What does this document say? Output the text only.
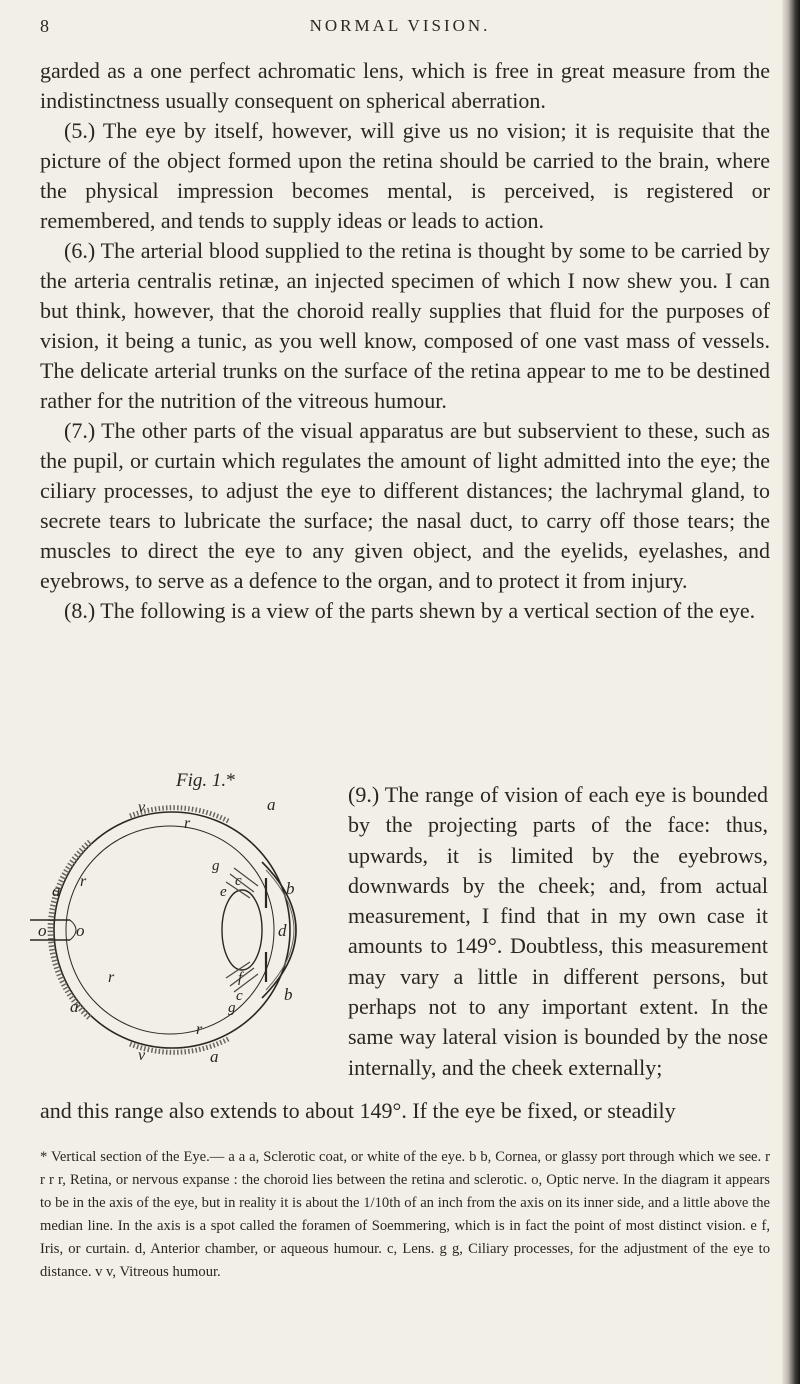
8	NORMAL VISION.

garded as a one perfect achromatic lens, which is free in great measure from the indistinctness usually consequent on spherical aberration.

(5.) The eye by itself, however, will give us no vision; it is requisite that the picture of the object formed upon the retina should be carried to the brain, where the physical impression becomes mental, is perceived, is registered or remembered, and tends to supply ideas or leads to action.

(6.) The arterial blood supplied to the retina is thought by some to be carried by the arteria centralis retinæ, an injected specimen of which I now shew you. I can but think, however, that the choroid really supplies that fluid for the purposes of vision, it being a tunic, as you well know, composed of one vast mass of vessels. The delicate arterial trunks on the surface of the retina appear to me to be destined rather for the nutrition of the vitreous humour.

(7.) The other parts of the visual apparatus are but subservient to these, such as the pupil, or curtain which regulates the amount of light admitted into the eye; the ciliary processes, to adjust the eye to different distances; the lachrymal gland, to secrete tears to lubricate the surface; the nasal duct, to carry off those tears; the muscles to direct the eye to any given object, and the eyelids, eyelashes, and eyebrows, to serve as a defence to the organ, and to protect it from injury.

(8.) The following is a view of the parts shewn by a vertical section of the eye.

Fig. 1.*
a
r
v
a r
g
e
c	b
o o	d
f
c b
g
a
r
r
v	a

(9.) The range of vision of each eye is bounded by the projecting parts of the face: thus, upwards, it is limited by the eyebrows, downwards by the cheek; and, from actual measurement, I find that in my own case it amounts to 149°. Doubtless, this measurement may vary a little in different persons, but perhaps not to any important extent. In the same way lateral vision is bounded by the nose internally, and the cheek externally;

and this range also extends to about 149°. If the eye be fixed, or steadily

* Vertical section of the Eye.— a a a, Sclerotic coat, or white of the eye. b b, Cornea, or glassy port through which we see. r r r r, Retina, or nervous expanse : the choroid lies between the retina and sclerotic. o, Optic nerve. In the diagram it appears to be in the axis of the eye, but in reality it is about the 1/10th of an inch from the axis on its inner side, and a little above the median line. In the axis is a spot called the foramen of Soemmering, which is in fact the point of most distinct vision. e f, Iris, or curtain. d, Anterior chamber, or aqueous humour. c, Lens. g g, Ciliary processes, for the adjustment of the eye to distance. v v, Vitreous humour.
